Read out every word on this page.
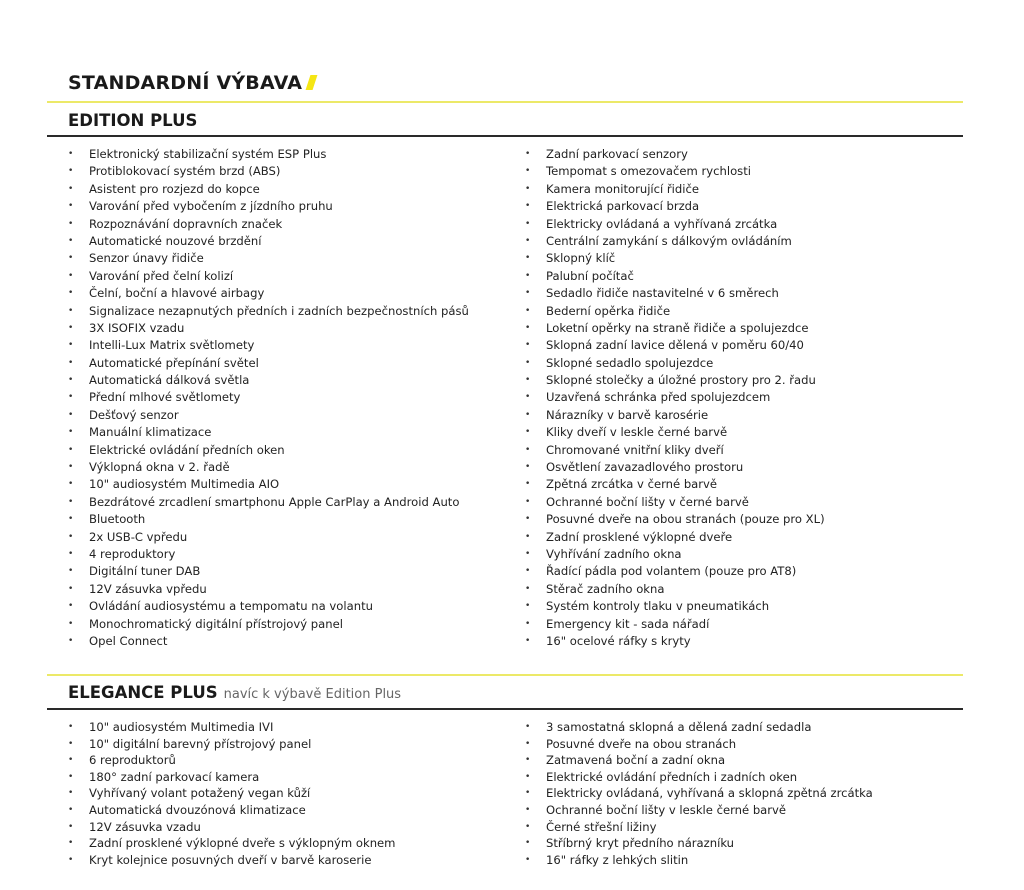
STANDARDNÍ VÝBAVA
EDITION PLUS
• Elektronický stabilizační systém ESP Plus
• Protiblokovací systém brzd (ABS)
• Asistent pro rozjezd do kopce
• Varování před vybočením z jízdního pruhu
• Rozpoznávání dopravních značek
• Automatické nouzové brzdění
• Senzor únavy řidiče
• Varování před čelní kolizí
• Čelní, boční a hlavové airbagy
• Signalizace nezapnutých předních i zadních bezpečnostních pásů
• 3X ISOFIX vzadu
• Intelli-Lux Matrix světlomety
• Automatické přepínání světel
• Automatická dálková světla
• Přední mlhové světlomety
• Dešťový senzor
• Manuální klimatizace
• Elektrické ovládání předních oken
• Výklopná okna v 2. řadě
• 10" audiosystém Multimedia AIO
• Bezdrátové zrcadlení smartphonu Apple CarPlay a Android Auto
• Bluetooth
• 2x USB-C vpředu
• 4 reproduktory
• Digitální tuner DAB
• 12V zásuvka vpředu
• Ovládání audiosystému a tempomatu na volantu
• Monochromatický digitální přístrojový panel
• Opel Connect
• Zadní parkovací senzory
• Tempomat s omezovačem rychlosti
• Kamera monitorující řidiče
• Elektrická parkovací brzda
• Elektricky ovládaná a vyhřívaná zrcátka
• Centrální zamykání s dálkovým ovládáním
• Sklopný klíč
• Palubní počítač
• Sedadlo řidiče nastavitelné v 6 směrech
• Bederní opěrka řidiče
• Loketní opěrky na straně řidiče a spolujezdce
• Sklopná zadní lavice dělená v poměru 60/40
• Sklopné sedadlo spolujezdce
• Sklopné stolečky a úložné prostory pro 2. řadu
• Uzavřená schránka před spolujezdcem
• Nárazníky v barvě karosérie
• Kliky dveří v leskle černé barvě
• Chromované vnitřní kliky dveří
• Osvětlení zavazadlového prostoru
• Zpětná zrcátka v černé barvě
• Ochranné boční lišty v černé barvě
• Posuvné dveře na obou stranách (pouze pro XL)
• Zadní prosklené výklopné dveře
• Vyhřívání zadního okna
• Řadící pádla pod volantem (pouze pro AT8)
• Stěrač zadního okna
• Systém kontroly tlaku v pneumatikách
• Emergency kit - sada nářadí
• 16" ocelové ráfky s kryty
ELEGANCE PLUS navíc k výbavě Edition Plus
• 10" audiosystém Multimedia IVI
• 10" digitální barevný přístrojový panel
• 6 reproduktorů
• 180° zadní parkovací kamera
• Vyhřívaný volant potažený vegan kůží
• Automatická dvouzónová klimatizace
• 12V zásuvka vzadu
• Zadní prosklené výklopné dveře s výklopným oknem
• Kryt kolejnice posuvných dveří v barvě karoserie
• 3 samostatná sklopná a dělená zadní sedadla
• Posuvné dveře na obou stranách
• Zatmavená boční a zadní okna
• Elektrické ovládání předních i zadních oken
• Elektricky ovládaná, vyhřívaná a sklopná zpětná zrcátka
• Ochranné boční lišty v leskle černé barvě
• Černé střešní ližiny
• Stříbrný kryt předního nárazníku
• 16" ráfky z lehkých slitin
